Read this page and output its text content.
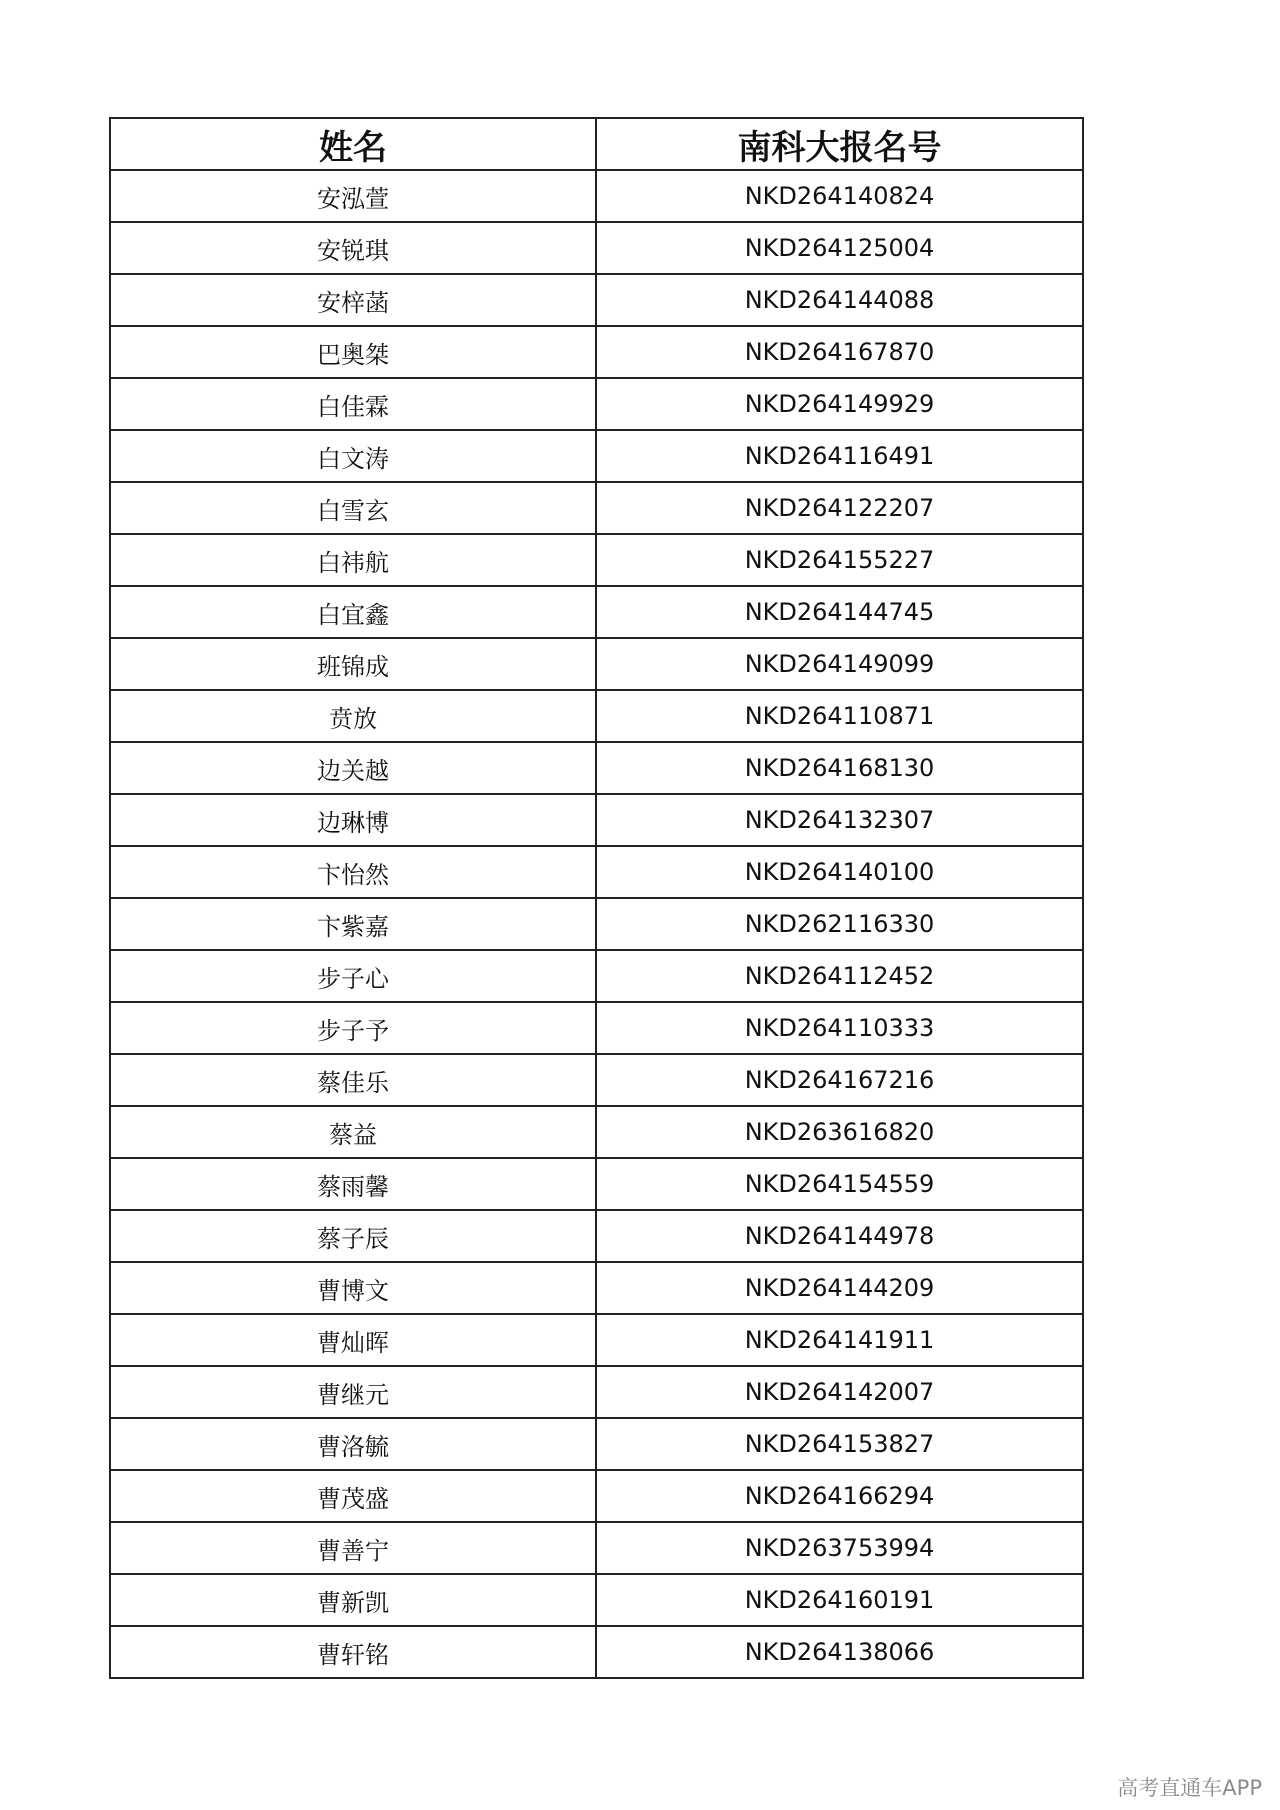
姓名	南科大报名号
安泓萱	NKD264140824
安锐琪	NKD264125004
安梓菡	NKD264144088
巴奥桀	NKD264167870
白佳霖	NKD264149929
白文涛	NKD264116491
白雪玄	NKD264122207
白祎航	NKD264155227
白宜鑫	NKD264144745
班锦成	NKD264149099
贲放	NKD264110871
边关越	NKD264168130
边琳博	NKD264132307
卞怡然	NKD264140100
卞紫嘉	NKD262116330
步子心	NKD264112452
步子予	NKD264110333
蔡佳乐	NKD264167216
蔡益	NKD263616820
蔡雨馨	NKD264154559
蔡子辰	NKD264144978
曹博文	NKD264144209
曹灿晖	NKD264141911
曹继元	NKD264142007
曹洛毓	NKD264153827
曹茂盛	NKD264166294
曹善宁	NKD263753994
曹新凯	NKD264160191
曹轩铭	NKD264138066
高考直通车APP
